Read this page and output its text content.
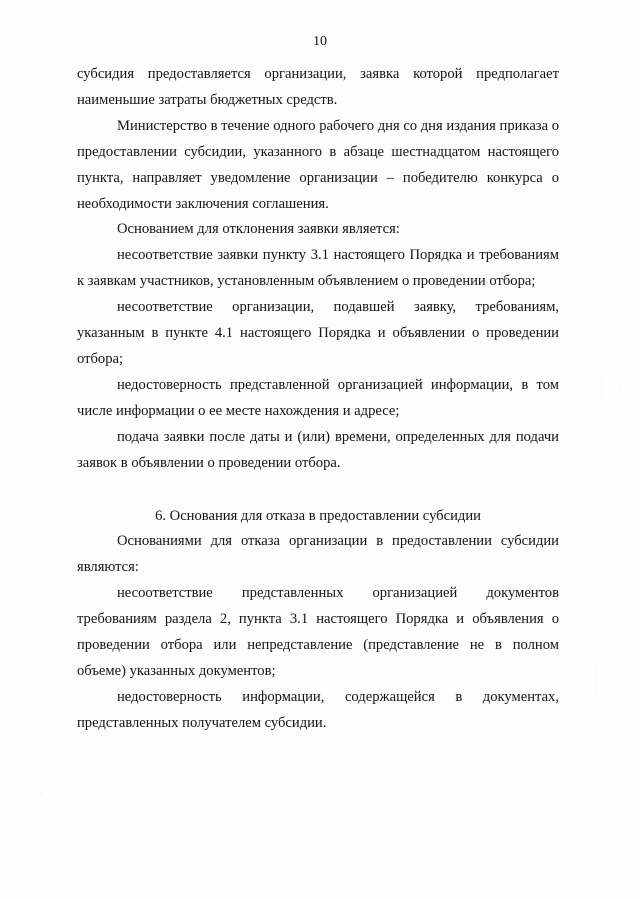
10

субсидия предоставляется организации, заявка которой предполагает наименьшие затраты бюджетных средств.

Министерство в течение одного рабочего дня со дня издания приказа о предоставлении субсидии, указанного в абзаце шестнадцатом настоящего пункта, направляет уведомление организации – победителю конкурса о необходимости заключения соглашения.

Основанием для отклонения заявки является:

несоответствие заявки пункту 3.1 настоящего Порядка и требованиям к заявкам участников, установленным объявлением о проведении отбора;

несоответствие организации, подавшей заявку, требованиям, указанным в пункте 4.1 настоящего Порядка и объявлении о проведении отбора;

недостоверность представленной организацией информации, в том числе информации о ее месте нахождения и адресе;

подача заявки после даты и (или) времени, определенных для подачи заявок в объявлении о проведении отбора.

6. Основания для отказа в предоставлении субсидии

Основаниями для отказа организации в предоставлении субсидии являются:

несоответствие представленных организацией документов требованиям раздела 2, пункта 3.1 настоящего Порядка и объявления о проведении отбора или непредставление (представление не в полном объеме) указанных документов;

недостоверность информации, содержащейся в документах, представленных получателем субсидии.

· · ·
· · · ·
· ·
· · · ·
· · ·
· · · ·
· ·
· ·
·
